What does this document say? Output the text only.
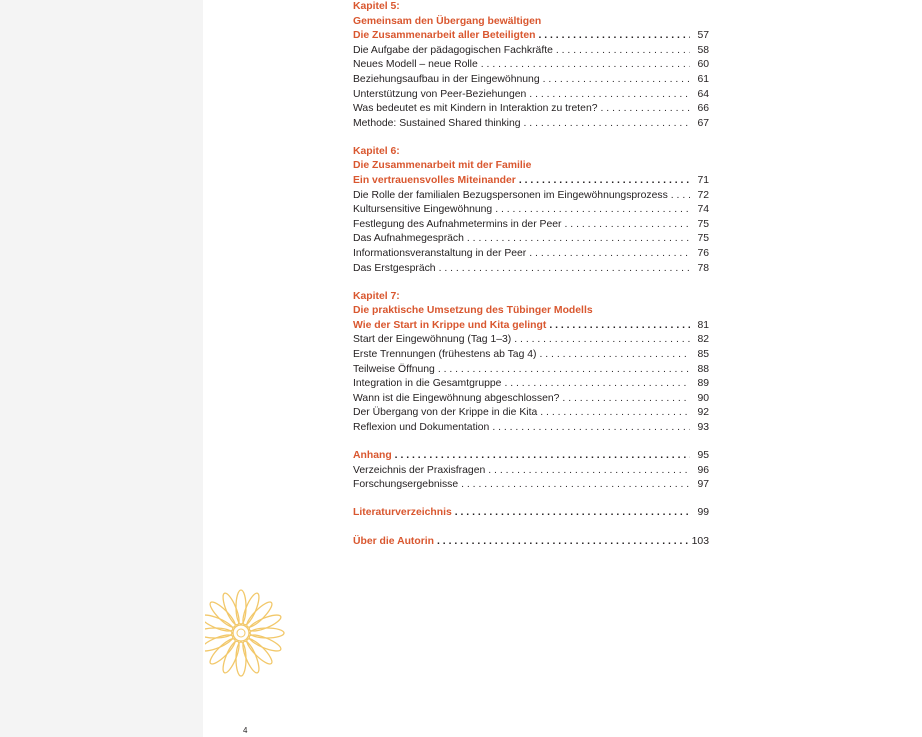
Kapitel 5:
Gemeinsam den Übergang bewältigen
Die Zusammenarbeit aller Beteiligten . . .	57
Die Aufgabe der pädagogischen Fachkräfte . . .	58
Neues Modell – neue Rolle . . .	60
Beziehungsaufbau in der Eingewöhnung . . .	61
Unterstützung von Peer-Beziehungen . . .	64
Was bedeutet es mit Kindern in Interaktion zu treten? . . .	66
Methode: Sustained Shared thinking . . .	67
Kapitel 6:
Die Zusammenarbeit mit der Familie
Ein vertrauensvolles Miteinander . . .	71
Die Rolle der familialen Bezugspersonen im Eingewöhnungsprozess . . .	72
Kultursensitive Eingewöhnung . . .	74
Festlegung des Aufnahmetermins in der Peer . . .	75
Das Aufnahmegespräch . . .	75
Informationsveranstaltung in der Peer . . .	76
Das Erstgespräch . . .	78
Kapitel 7:
Die praktische Umsetzung des Tübinger Modells
Wie der Start in Krippe und Kita gelingt . . .	81
Start der Eingewöhnung (Tag 1–3) . . .	82
Erste Trennungen (frühestens ab Tag 4) . . .	85
Teilweise Öffnung . . .	88
Integration in die Gesamtgruppe . . .	89
Wann ist die Eingewöhnung abgeschlossen? . . .	90
Der Übergang von der Krippe in die Kita . . .	92
Reflexion und Dokumentation . . .	93
Anhang . . .	95
Verzeichnis der Praxisfragen . . .	96
Forschungsergebnisse . . .	97
Literaturverzeichnis . . .	99
Über die Autorin . . .	103
4
